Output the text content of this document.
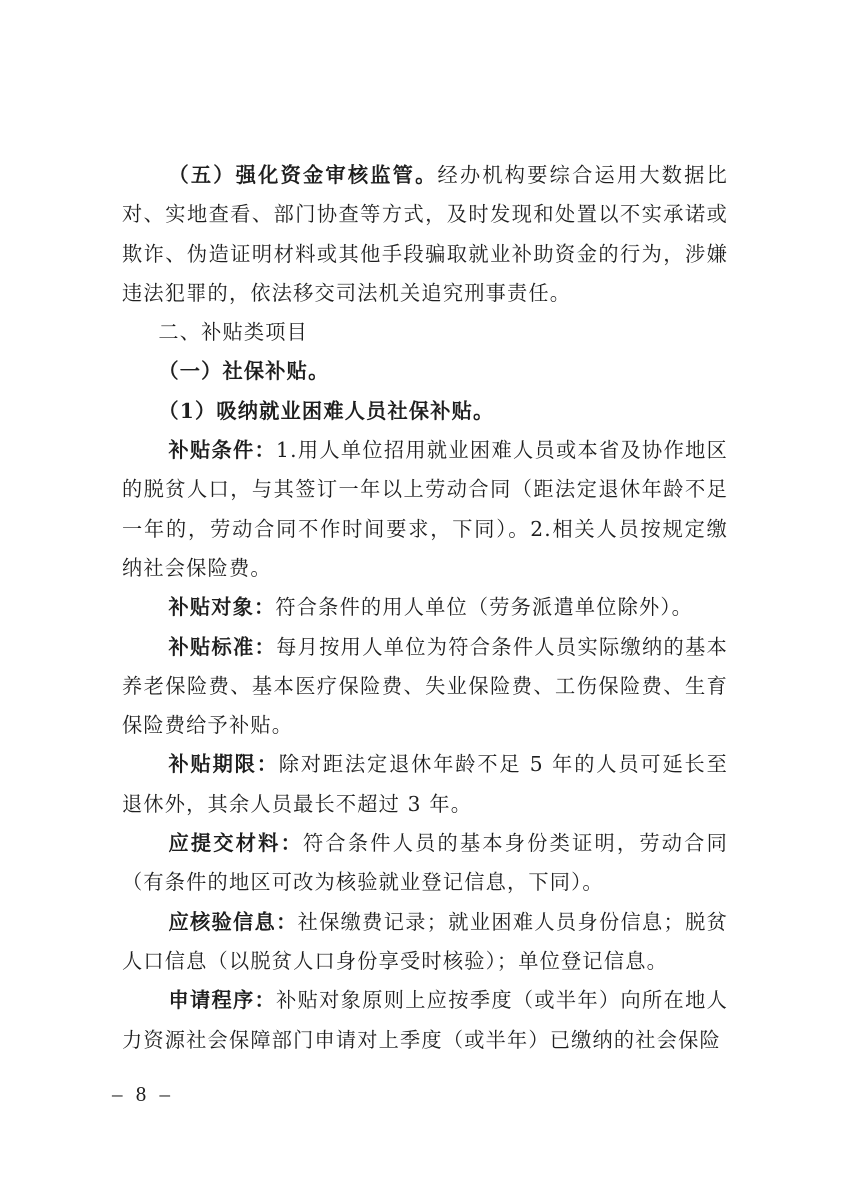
（五）强化资金审核监管。经办机构要综合运用大数据比对、实地查看、部门协查等方式，及时发现和处置以不实承诺或欺诈、伪造证明材料或其他手段骗取就业补助资金的行为，涉嫌违法犯罪的，依法移交司法机关追究刑事责任。

二、补贴类项目

（一）社保补贴。

（1）吸纳就业困难人员社保补贴。

补贴条件：1.用人单位招用就业困难人员或本省及协作地区的脱贫人口，与其签订一年以上劳动合同（距法定退休年龄不足一年的，劳动合同不作时间要求，下同）。2.相关人员按规定缴纳社会保险费。

补贴对象：符合条件的用人单位（劳务派遣单位除外）。

补贴标准：每月按用人单位为符合条件人员实际缴纳的基本养老保险费、基本医疗保险费、失业保险费、工伤保险费、生育保险费给予补贴。

补贴期限：除对距法定退休年龄不足 5 年的人员可延长至退休外，其余人员最长不超过 3 年。

应提交材料：符合条件人员的基本身份类证明，劳动合同（有条件的地区可改为核验就业登记信息，下同）。

应核验信息：社保缴费记录；就业困难人员身份信息；脱贫人口信息（以脱贫人口身份享受时核验）；单位登记信息。

申请程序：补贴对象原则上应按季度（或半年）向所在地人力资源社会保障部门申请对上季度（或半年）已缴纳的社会保险

– 8 –
